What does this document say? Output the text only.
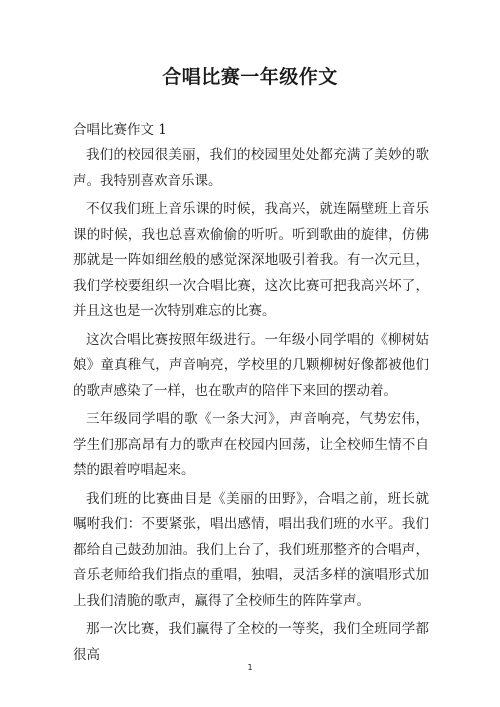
合唱比赛一年级作文
合唱比赛作文 1

我们的校园很美丽，我们的校园里处处都充满了美妙的歌声。我特别喜欢音乐课。

不仅我们班上音乐课的时候，我高兴，就连隔壁班上音乐课的时候，我也总喜欢偷偷的听听。听到歌曲的旋律，仿佛那就是一阵如细丝般的感觉深深地吸引着我。有一次元旦，我们学校要组织一次合唱比赛，这次比赛可把我高兴坏了，并且这也是一次特别难忘的比赛。

这次合唱比赛按照年级进行。一年级小同学唱的《柳树姑娘》童真稚气，声音响亮，学校里的几颗柳树好像都被他们的歌声感染了一样，也在歌声的陪伴下来回的摆动着。

三年级同学唱的歌《一条大河》，声音响亮，气势宏伟，学生们那高昂有力的歌声在校园内回荡，让全校师生情不自禁的跟着哼唱起来。

我们班的比赛曲目是《美丽的田野》，合唱之前，班长就嘱咐我们：不要紧张，唱出感情，唱出我们班的水平。我们都给自己鼓劲加油。我们上台了，我们班那整齐的合唱声，音乐老师给我们指点的重唱，独唱，灵活多样的演唱形式加上我们清脆的歌声，赢得了全校师生的阵阵掌声。

那一次比赛，我们赢得了全校的一等奖，我们全班同学都很高

1
